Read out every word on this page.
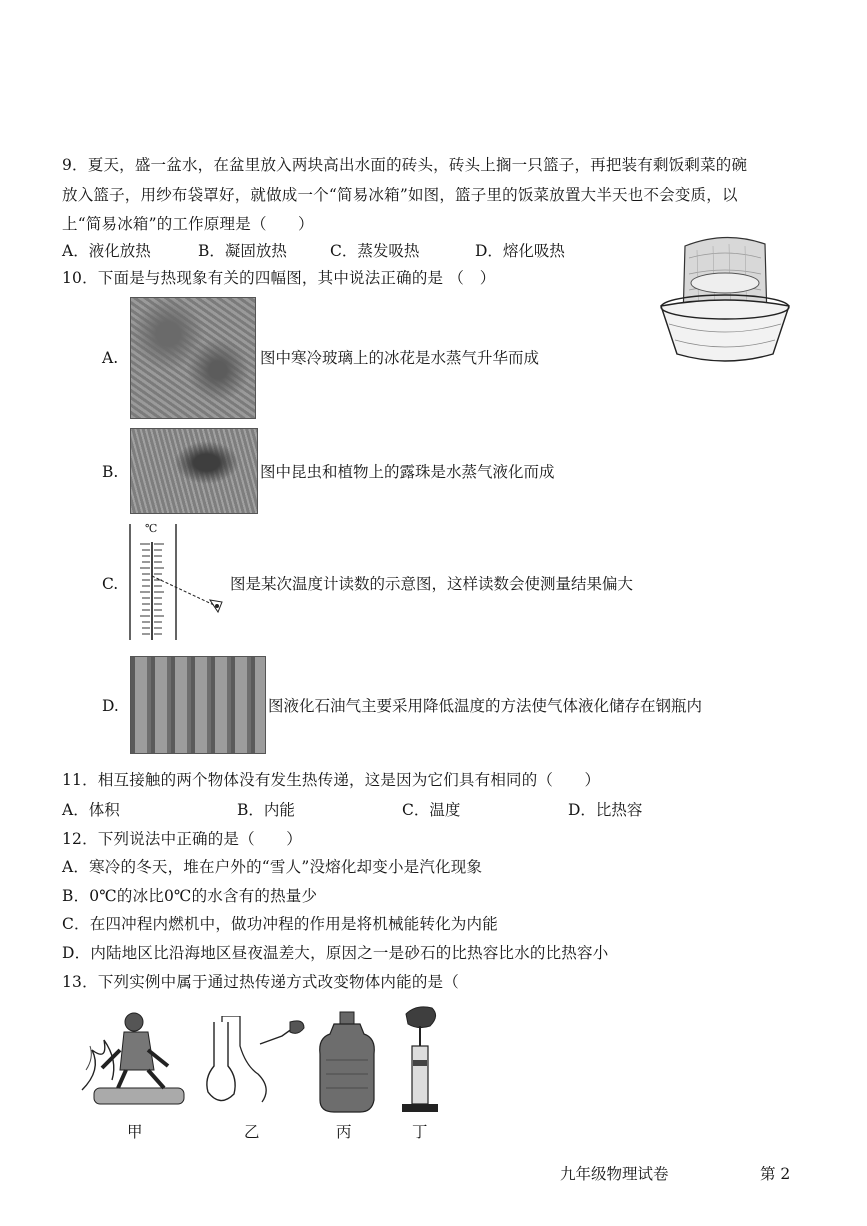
9．夏天，盛一盆水，在盆里放入两块高出水面的砖头，砖头上搁一只篮子，再把装有剩饭剩菜的碗
放入篮子，用纱布袋罩好，就做成一个“简易冰箱”如图，篮子里的饭菜放置大半天也不会变质，以
上“简易冰箱”的工作原理是（　　）
A．液化放热	B．凝固放热	C．蒸发吸热	D．熔化吸热
10．下面是与热现象有关的四幅图，其中说法正确的是 （　）
A.	图中寒冷玻璃上的冰花是水蒸气升华而成
B.	图中昆虫和植物上的露珠是水蒸气液化而成
C.
℃
图是某次温度计读数的示意图，这样读数会使测量结果偏大
D.	图液化石油气主要采用降低温度的方法使气体液化储存在钢瓶内
11．相互接触的两个物体没有发生热传递，这是因为它们具有相同的（　　）
A．体积	B．内能	C．温度	D．比热容
12．下列说法中正确的是（　　）
A．寒冷的冬天，堆在户外的“雪人”没熔化却变小是汽化现象
B．0℃的冰比0℃的水含有的热量少
C．在四冲程内燃机中，做功冲程的作用是将机械能转化为内能
D．内陆地区比沿海地区昼夜温差大，原因之一是砂石的比热容比水的比热容小
13．下列实例中属于通过热传递方式改变物体内能的是（
甲	乙	丙	丁
九年级物理试卷	第 2
